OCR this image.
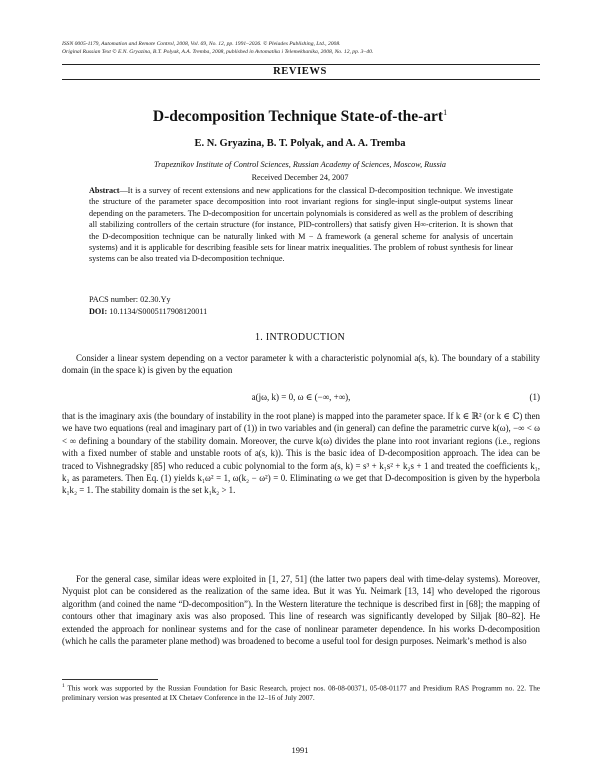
ISSN 0005-1179, Automation and Remote Control, 2008, Vol. 69, No. 12, pp. 1991–2026. © Pleiades Publishing, Ltd., 2008.
Original Russian Text © E.N. Gryazina, B.T. Polyak, A.A. Tremba, 2008, published in Avtomatika i Telemekhanika, 2008, No. 12, pp. 3–40.
REVIEWS
D-decomposition Technique State-of-the-art$^1$
E. N. Gryazina, B. T. Polyak, and A. A. Tremba
Trapeznikov Institute of Control Sciences, Russian Academy of Sciences, Moscow, Russia
Received December 24, 2007
Abstract—It is a survey of recent extensions and new applications for the classical D-decomposition technique. We investigate the structure of the parameter space decomposition into root invariant regions for single-input single-output systems linear depending on the parameters. The D-decomposition for uncertain polynomials is considered as well as the problem of describing all stabilizing controllers of the certain structure (for instance, PID-controllers) that satisfy given H∞-criterion. It is shown that the D-decomposition technique can be naturally linked with M − Δ framework (a general scheme for analysis of uncertain systems) and it is applicable for describing feasible sets for linear matrix inequalities. The problem of robust synthesis for linear systems can be also treated via D-decomposition technique.
PACS number: 02.30.Yy
DOI: 10.1134/S0005117908120011
1. INTRODUCTION

Consider a linear system depending on a vector parameter k with a characteristic polynomial a(s, k). The boundary of a stability domain (in the space k) is given by the equation

a(jω, k) = 0, ω ∈ (−∞, +∞),	(1)

that is the imaginary axis (the boundary of instability in the root plane) is mapped into the parameter space. If k ∈ ℝ² (or k ∈ ℂ) then we have two equations (real and imaginary part of (1)) in two variables and (in general) can define the parametric curve k(ω), −∞ < ω < ∞ defining a boundary of the stability domain. Moreover, the curve k(ω) divides the plane into root invariant regions (i.e., regions with a fixed number of stable and unstable roots of a(s, k)). This is the basic idea of D-decomposition approach. The idea can be traced to Vishnegradsky [85] who reduced a cubic polynomial to the form a(s, k) = s³ + k₁s² + k₂s + 1 and treated the coefficients k₁, k₂ as parameters. Then Eq. (1) yields k₁ω² = 1, ω(k₂ − ω²) = 0. Eliminating ω we get that D-decomposition is given by the hyperbola k₁k₂ = 1. The stability domain is the set k₁k₂ > 1.

For the general case, similar ideas were exploited in [1, 27, 51] (the latter two papers deal with time-delay systems). Moreover, Nyquist plot can be considered as the realization of the same idea. But it was Yu. Neimark [13, 14] who developed the rigorous algorithm (and coined the name “D-decomposition”). In the Western literature the technique is described first in [68]; the mapping of contours other that imaginary axis was also proposed. This line of research was significantly developed by Siljak [80–82]. He extended the approach for nonlinear systems and for the case of nonlinear parameter dependence. In his works D-decomposition (which he calls the parameter plane method) was broadened to become a useful tool for design purposes. Neimark’s method is also

$^1$ This work was supported by the Russian Foundation for Basic Research, project nos. 08-08-00371, 05-08-01177 and Presidium RAS Programm no. 22. The preliminary version was presented at IX Chetaev Conference in the 12–16 of July 2007.
1991
